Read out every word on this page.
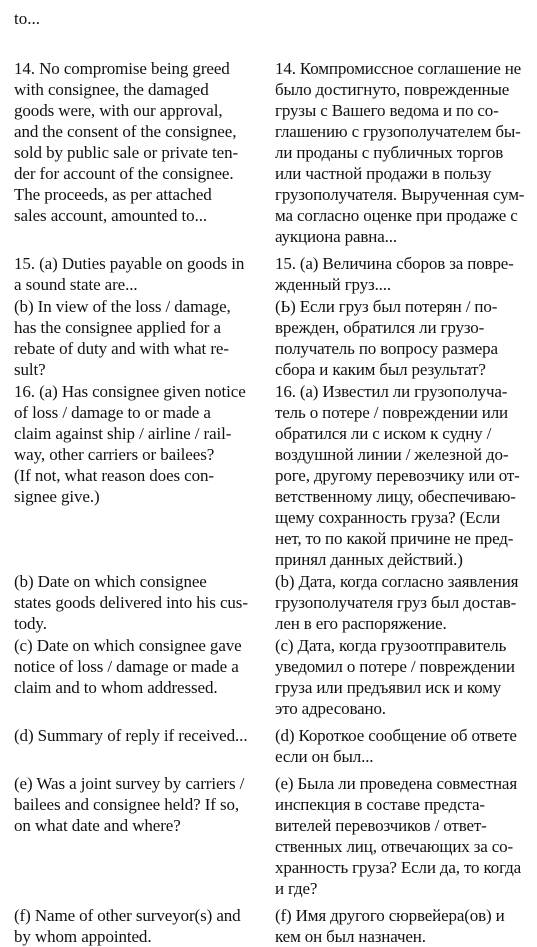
to...
14. No compromise being greed
with consignee, the damaged
goods were, with our approval,
and the consent of the consignee,
sold by public sale or private ten-
der for account of the consignee.
The proceeds, as per attached
sales account, amounted to...
14. Компромиссное соглашение не
было достигнуто, поврежденные
грузы с Вашего ведома и по со-
глашению с грузополучателем бы-
ли проданы с публичных торгов
или частной продажи в пользу
грузополучателя. Вырученная сум-
ма согласно оценке при продаже с
аукциона равна...
15. (a) Duties payable on goods in
a sound state are...
15. (a) Величина сборов за повре-
жденный груз....
(b) In view of the loss / damage,
has the consignee applied for a
rebate of duty and with what re-
sult?
(Ь) Если груз был потерян / по-
врежден, обратился ли грузо-
получатель по вопросу размера
сбора и каким был результат?
16. (a) Has consignee given notice
of loss / damage to or made a
claim against ship / airline / rail-
way, other carriers or bailees?
(If not, what reason does con-
signee give.)
16. (a) Известил ли грузополуча-
тель о потере / повреждении или
обратился ли с иском к судну /
воздушной линии / железной до-
роге, другому перевозчику или от-
ветственному лицу, обеспечиваю-
щему сохранность груза? (Если
нет, то по какой причине не пред-
принял данных действий.)
(b) Date on which consignee
states goods delivered into his cus-
tody.
(b) Дата, когда согласно заявления
грузополучателя груз был достав-
лен в его распоряжение.
(c) Date on which consignee gave
notice of loss / damage or made a
claim and to whom addressed.
(c) Дата, когда грузоотправитель
уведомил о потере / повреждении
груза или предъявил иск и кому
это адресовано.
(d) Summary of reply if received...	(d) Короткое сообщение об ответе
если он был...
(e) Was a joint survey by carriers /
bailees and consignee held? If so,
on what date and where?
(e) Была ли проведена совместная
инспекция в составе предста-
вителей перевозчиков / ответ-
ственных лиц, отвечающих за со-
хранность груза? Если да, то когда
и где?
(f) Name of other surveyor(s) and
by whom appointed.
(f) Имя другого сюрвейера(ов) и
кем он был назначен.
